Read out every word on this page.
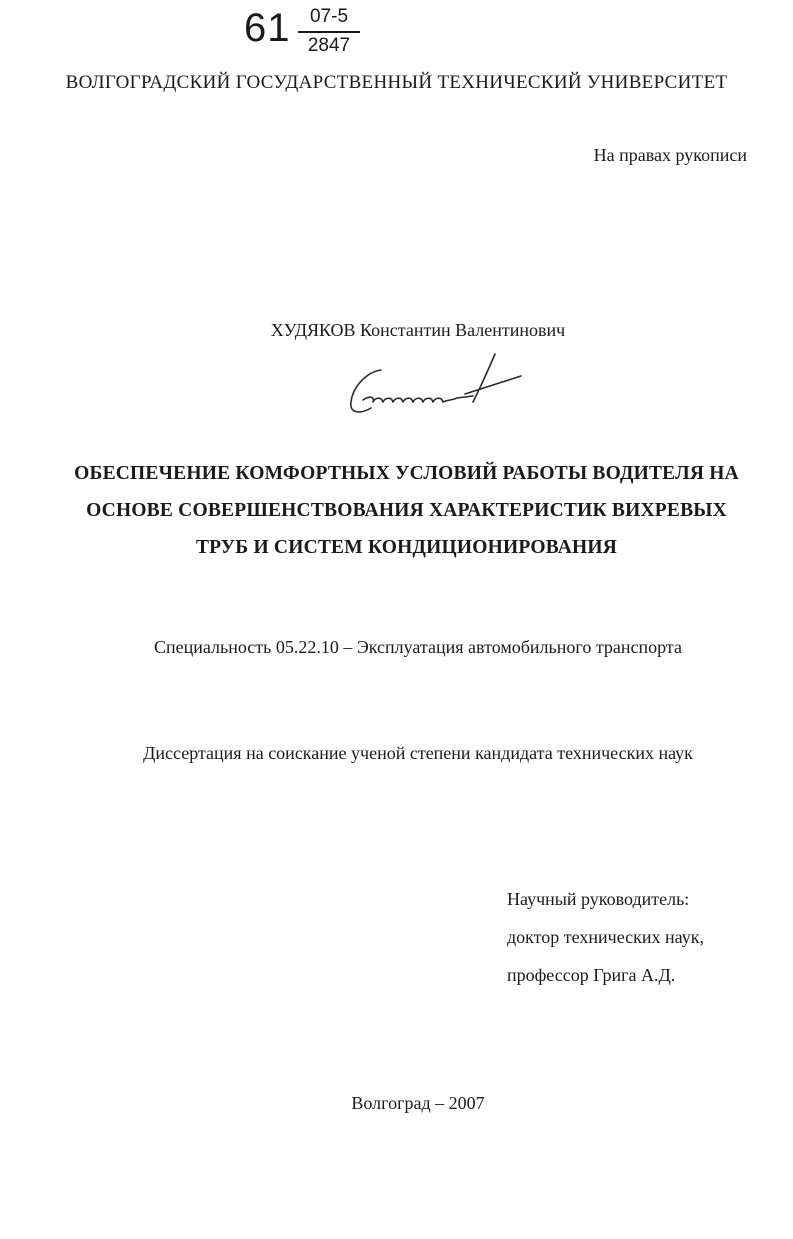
61	07-5
2847
ВОЛГОГРАДСКИЙ ГОСУДАРСТВЕННЫЙ ТЕХНИЧЕСКИЙ УНИВЕРСИТЕТ
На правах рукописи
ХУДЯКОВ Константин Валентинович
ОБЕСПЕЧЕНИЕ КОМФОРТНЫХ УСЛОВИЙ РАБОТЫ ВОДИТЕЛЯ НА
ОСНОВЕ СОВЕРШЕНСТВОВАНИЯ ХАРАКТЕРИСТИК ВИХРЕВЫХ
ТРУБ И СИСТЕМ КОНДИЦИОНИРОВАНИЯ
Специальность 05.22.10 – Эксплуатация автомобильного транспорта
Диссертация на соискание ученой степени кандидата технических наук
Научный руководитель:
доктор технических наук,
профессор Грига А.Д.
Волгоград – 2007
